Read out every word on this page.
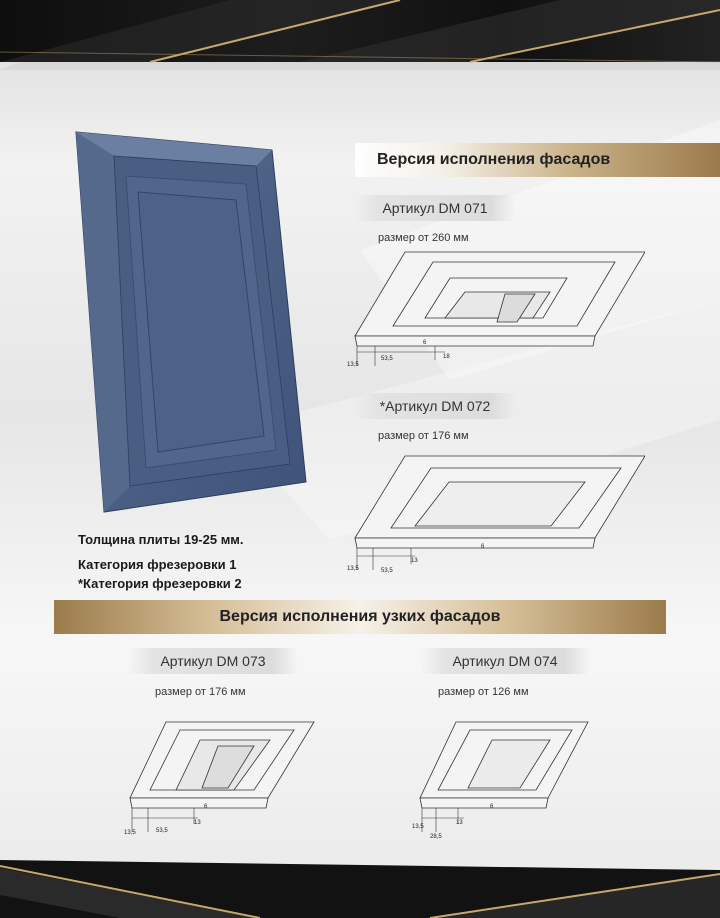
Версия исполнения фасадов
Артикул DM 071
размер от 260 мм
13,5
53,5	18
6
*Артикул DM 072
размер от 176 мм
13,5	53,5
13
6
Толщина плиты 19-25 мм.
Категория фрезеровки 1
*Категория фрезеровки 2
Версия исполнения узких фасадов
Артикул DM 073
размер от 176 мм
13,5	53,5
13
6
Артикул DM 074
размер от 126 мм
13,5
28,5
13
6
